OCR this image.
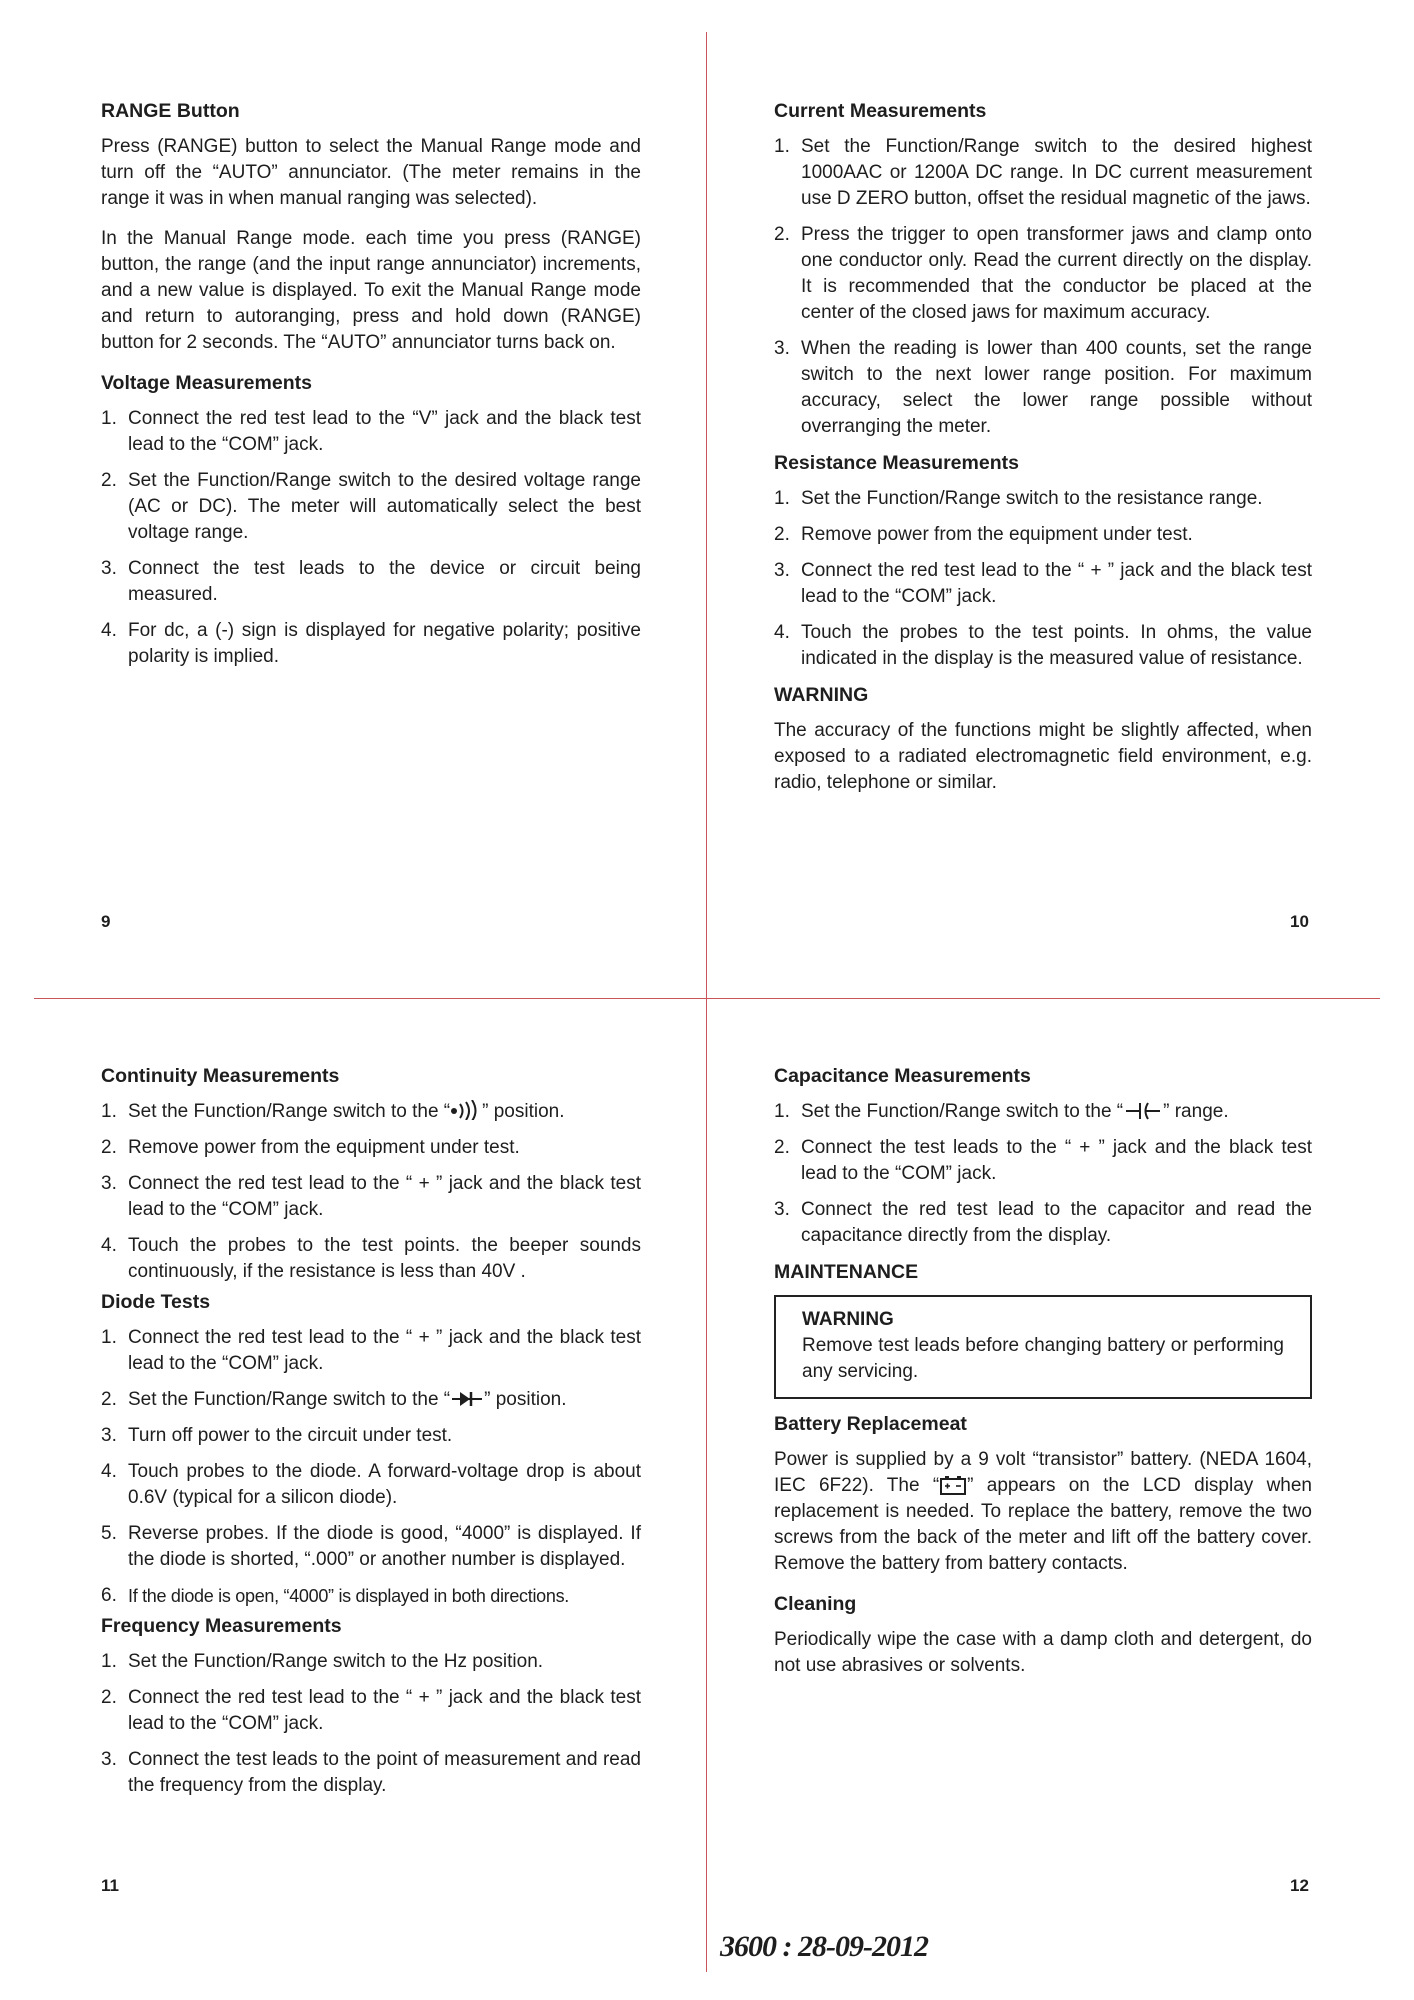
RANGE Button

Press (RANGE) button to select the Manual Range mode and turn off the “AUTO” annunciator. (The meter remains in the range it was in when manual ranging was selected).

In the Manual Range mode. each time you press (RANGE) button, the range (and the input range annunciator) increments, and a new value is displayed. To exit the Manual Range mode and return to autoranging, press and hold down (RANGE) button for 2 seconds. The “AUTO” annunciator turns back on.

Voltage Measurements
1. Connect the red test lead to the “V” jack and the black test lead to the “COM” jack.
2. Set the Function/Range switch to the desired voltage range (AC or DC). The meter will automatically select the best voltage range.
3. Connect the test leads to the device or circuit being measured.
4. For dc, a (-) sign is displayed for negative polarity; positive polarity is implied.
9
Current Measurements
1. Set the Function/Range switch to the desired highest 1000AAC or 1200A DC range. In DC current measurement use D ZERO button, offset the residual magnetic of the jaws.
2. Press the trigger to open transformer jaws and clamp onto one conductor only. Read the current directly on the display. It is recommended that the conductor be placed at the center of the closed jaws for maximum accuracy.
3. When the reading is lower than 400 counts, set the range switch to the next lower range position. For maximum accuracy, select the lower range possible without overranging the meter.
Resistance Measurements
1. Set the Function/Range switch to the resistance range.
2. Remove power from the equipment under test.
3. Connect the red test lead to the “ + ” jack and the black test lead to the “COM” jack.
4. Touch the probes to the test points. In ohms, the value indicated in the display is the measured value of resistance.
WARNING

The accuracy of the functions might be slightly affected, when exposed to a radiated electromagnetic field environment, e.g. radio, telephone or similar.

10
Continuity Measurements
1. Set the Function/Range switch to the “ ” position.
2. Remove power from the equipment under test.
3. Connect the red test lead to the “ + ” jack and the black test lead to the “COM” jack.
4. Touch the probes to the test points. the beeper sounds continuously, if the resistance is less than 40V .
Diode Tests
1. Connect the red test lead to the “ + ” jack and the black test lead to the “COM” jack.
2. Set the Function/Range switch to the “ ” position.
3. Turn off power to the circuit under test.
4. Touch probes to the diode. A forward-voltage drop is about 0.6V (typical for a silicon diode).
5. Reverse probes. If the diode is good, “4000” is displayed. If the diode is shorted, “.000” or another number is displayed.
6. If the diode is open, “4000” is displayed in both directions.
Frequency Measurements
1. Set the Function/Range switch to the Hz position.
2. Connect the red test lead to the “ + ” jack and the black test lead to the “COM” jack.
3. Connect the test leads to the point of measurement and read the frequency from the display.
11
Capacitance Measurements
1. Set the Function/Range switch to the “ ” range.
2. Connect the test leads to the “ + ” jack and the black test lead to the “COM” jack.
3. Connect the red test lead to the capacitor and read the capacitance directly from the display.
MAINTENANCE
WARNING
Remove test leads before changing battery or performing any servicing.
Battery Replacemeat

Power is supplied by a 9 volt “transistor” battery. (NEDA 1604, IEC 6F22). The “ ” appears on the LCD display when replacement is needed. To replace the battery, remove the two screws from the back of the meter and lift off the battery cover. Remove the battery from battery contacts.

Cleaning

Periodically wipe the case with a damp cloth and detergent, do not use abrasives or solvents.

12
3600 : 28-09-2012
